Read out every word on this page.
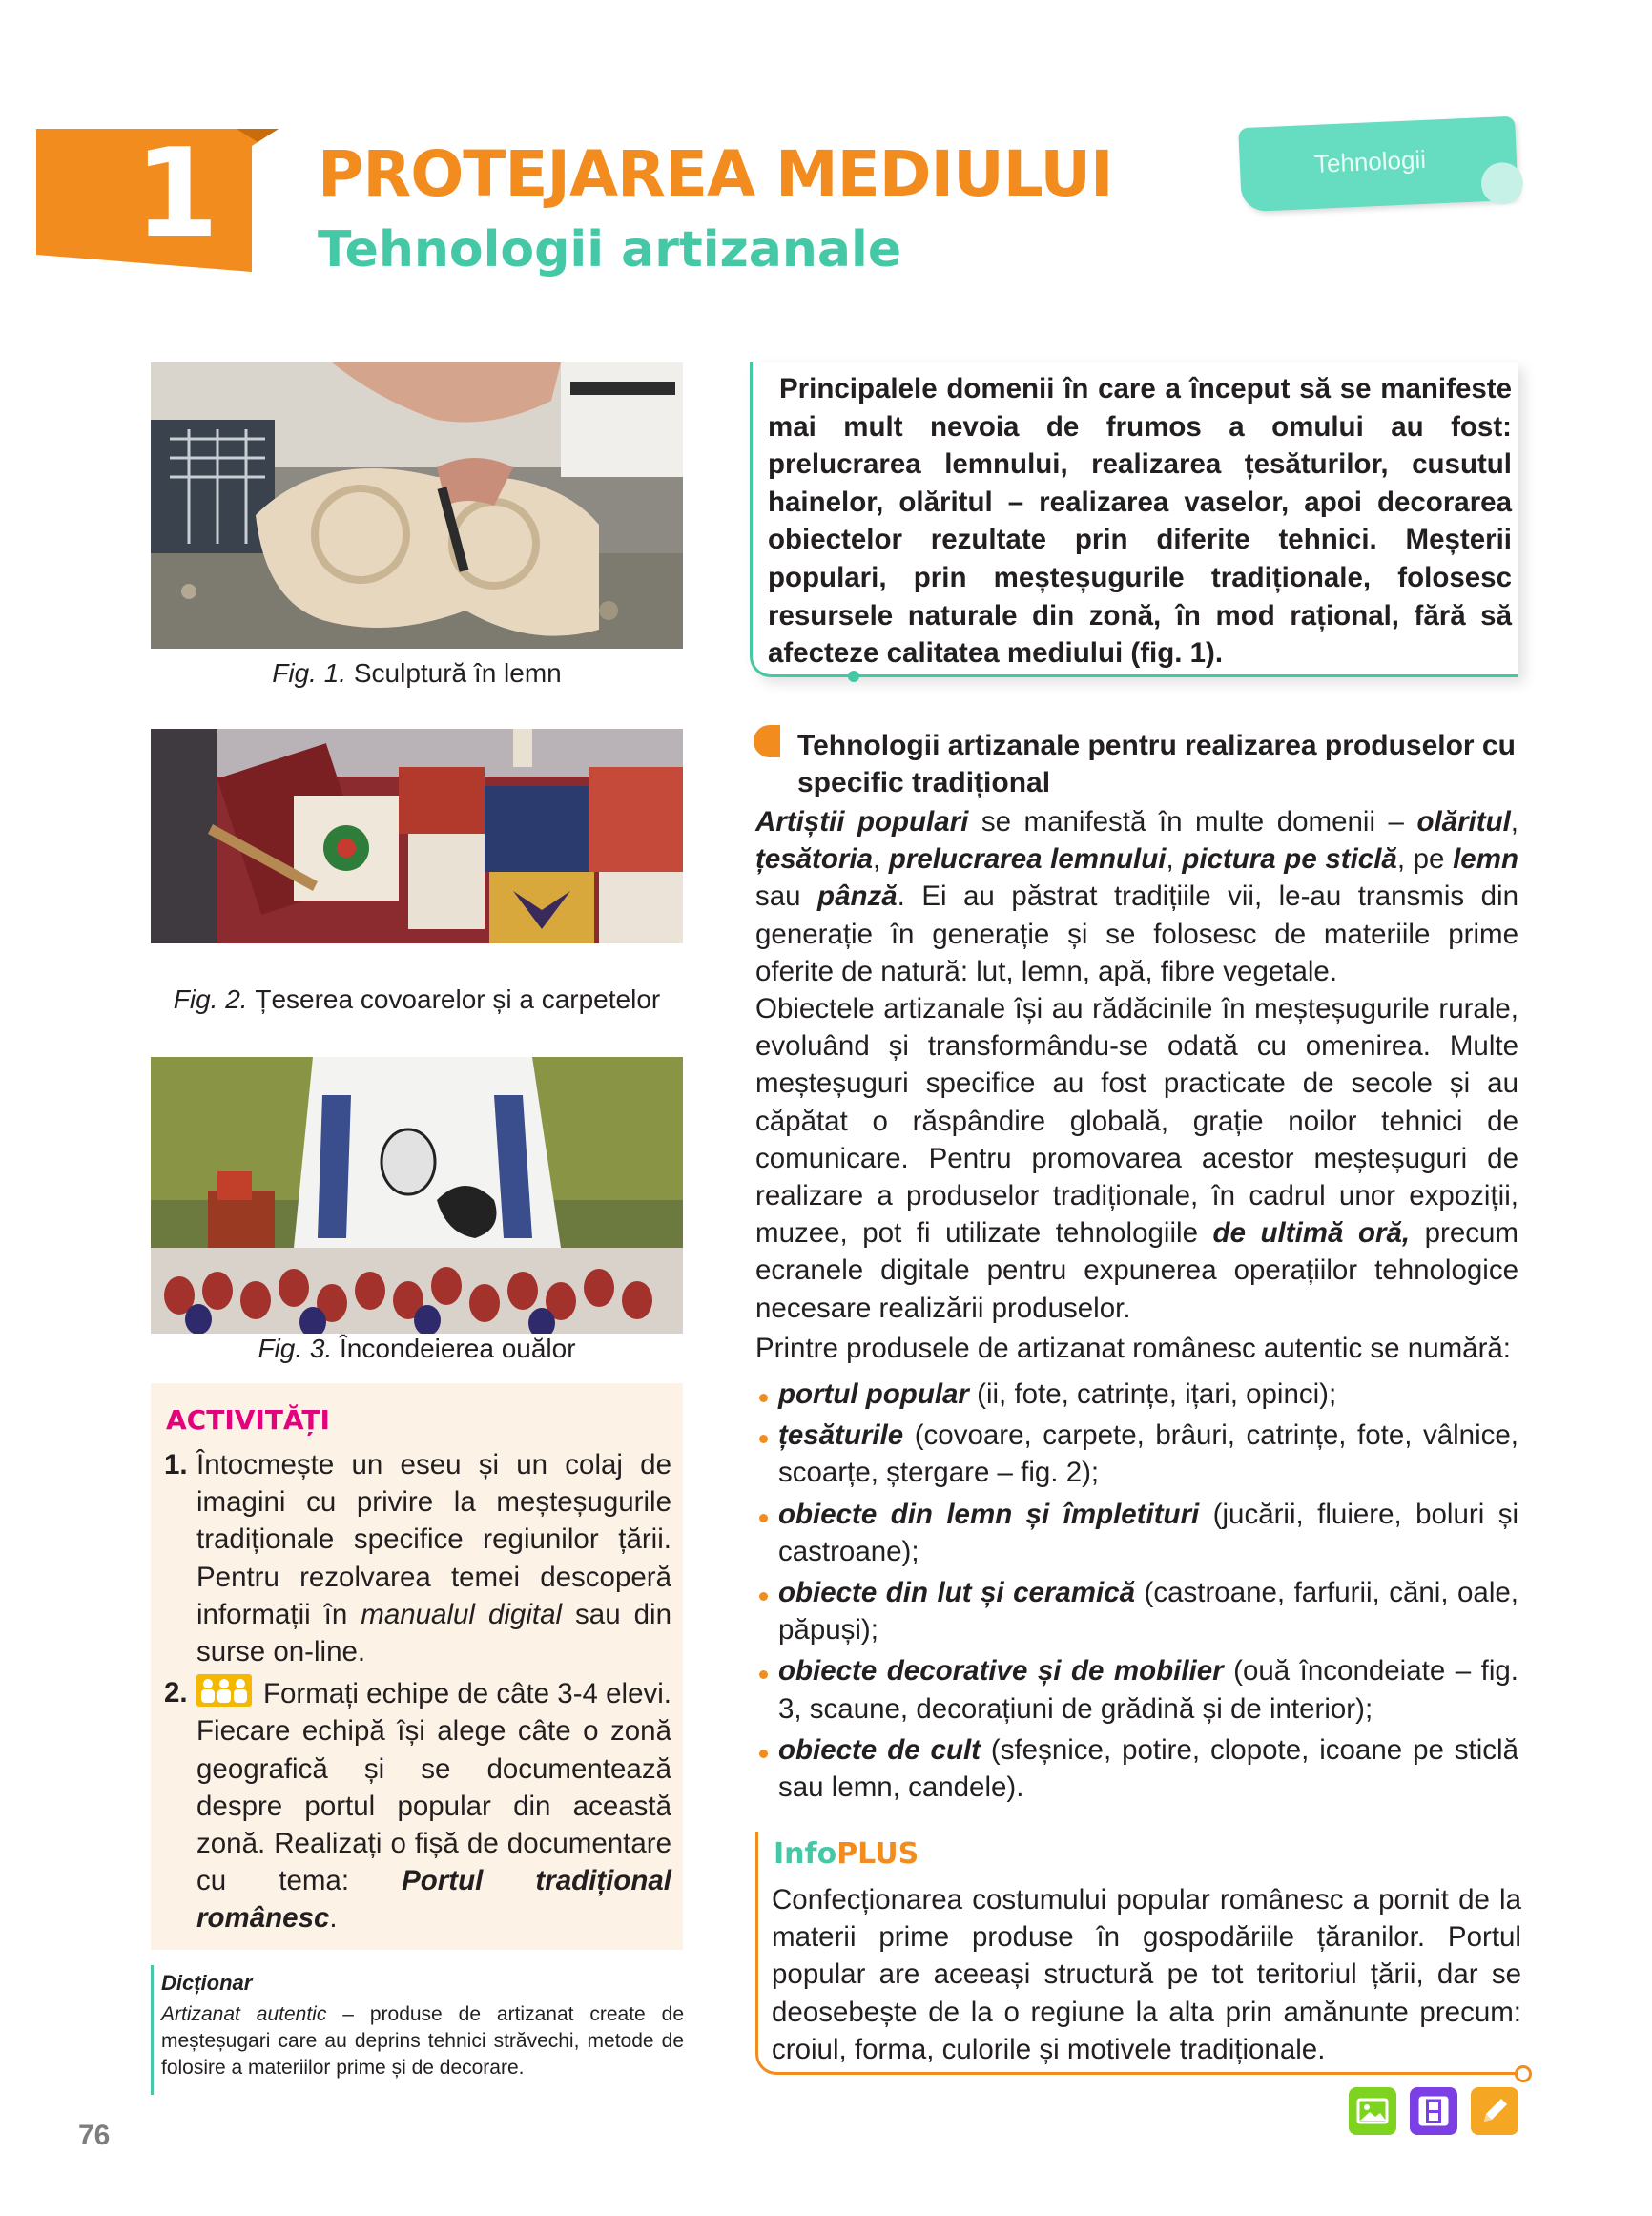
1 PROTEJAREA MEDIULUI
Tehnologii artizanale
Tehnologii
Fig. 1. Sculptură în lemn
Fig. 2. Țeserea covoarelor și a carpetelor
Fig. 3. Încondeierea ouălor

Principalele domenii în care a început să se manifeste mai mult nevoia de frumos a omului au fost: prelucrarea lemnului, realizarea țesăturilor, cusutul hainelor, olăritul – realizarea vaselor, apoi decorarea obiectelor rezultate prin diferite tehnici. Meșterii populari, prin meșteșugurile tradiționale, folosesc resursele naturale din zonă, în mod rațional, fără să afecteze calitatea mediului (fig. 1).

Tehnologii artizanale pentru realizarea produselor cu specific tradițional
Artiștii populari se manifestă în multe domenii – olăritul, țesătoria, prelucrarea lemnului, pictura pe sticlă, pe lemn sau pânză. Ei au păstrat tradițiile vii, le-au transmis din generație în generație și se folosesc de materiile prime oferite de natură: lut, lemn, apă, fibre vegetale.
Obiectele artizanale își au rădăcinile în meșteșugurile rurale, evoluând și transformându-se odată cu omenirea. Multe meșteșuguri specifice au fost practicate de secole și au căpătat o răspândire globală, grație noilor tehnici de comunicare. Pentru promovarea acestor meșteșuguri de realizare a produselor tradiționale, în cadrul unor expoziții, muzee, pot fi utilizate tehnologiile de ultimă oră, precum ecranele digitale pentru expunerea operațiilor tehnologice necesare realizării produselor.
Printre produsele de artizanat românesc autentic se numără:
portul popular (ii, fote, catrințe, ițari, opinci);
țesăturile (covoare, carpete, brâuri, catrințe, fote, vâlnice, scoarțe, ștergare – fig. 2);
obiecte din lemn și împletituri (jucării, fluiere, boluri și castroane);
obiecte din lut și ceramică (castroane, farfurii, căni, oale, păpuși);
obiecte decorative și de mobilier (ouă încondeiate – fig. 3, scaune, decorațiuni de grădină și de interior);
obiecte de cult (sfeșnice, potire, clopote, icoane pe sticlă sau lemn, candele).
InfoPLUS

Confecționarea costumului popular românesc a pornit de la materii prime produse în gospodăriile țăranilor. Portul popular are aceeași structură pe tot teritoriul țării, dar se deosebește de la o regiune la alta prin amănunte precum: croiul, forma, culorile și motivele tradiționale.

ACTIVITĂȚI
1. Întocmește un eseu și un colaj de imagini cu privire la meșteșugurile tradiționale specifice regiunilor țării. Pentru rezolvarea temei descoperă informații în manualul digital sau din surse on-line.
2.	Formați echipe de câte 3-4 elevi. Fiecare echipă își alege câte o zonă geografică și se documentează despre portul popular din această zonă. Realizați o fișă de documentare cu tema: Portul tradițional românesc.
Dicționar

Artizanat autentic – produse de artizanat create de meșteșugari care au deprins tehnici străvechi, metode de folosire a materiilor prime și de decorare.

76
